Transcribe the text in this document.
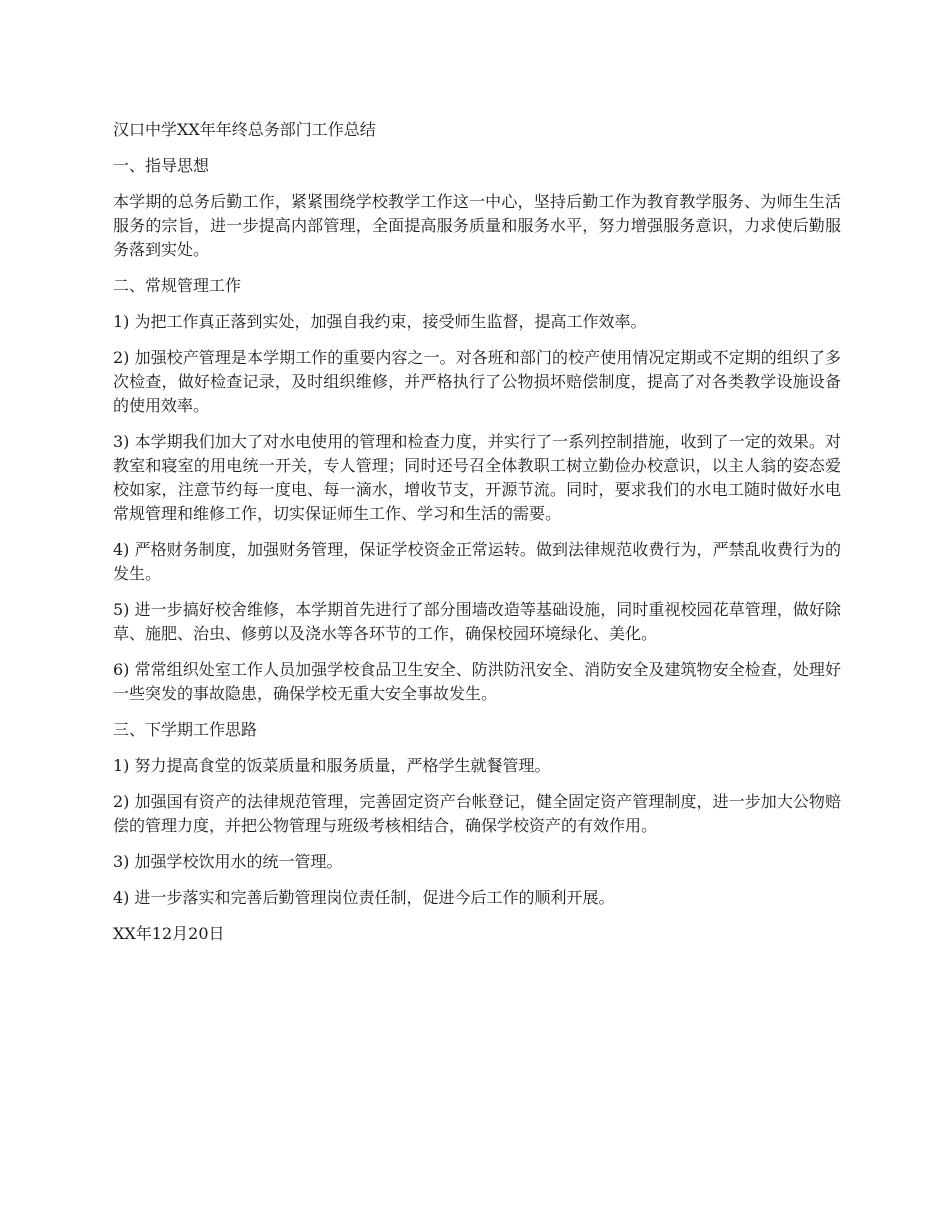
汉口中学XX年年终总务部门工作总结

一、指导思想

本学期的总务后勤工作，紧紧围绕学校教学工作这一中心，坚持后勤工作为教育教学服务、为师生生活服务的宗旨，进一步提高内部管理，全面提高服务质量和服务水平，努力增强服务意识，力求使后勤服务落到实处。

二、常规管理工作

1) 为把工作真正落到实处，加强自我约束，接受师生监督，提高工作效率。

2) 加强校产管理是本学期工作的重要内容之一。对各班和部门的校产使用情况定期或不定期的组织了多次检查，做好检查记录，及时组织维修，并严格执行了公物损坏赔偿制度，提高了对各类教学设施设备的使用效率。

3) 本学期我们加大了对水电使用的管理和检查力度，并实行了一系列控制措施，收到了一定的效果。对教室和寝室的用电统一开关，专人管理；同时还号召全体教职工树立勤俭办校意识，以主人翁的姿态爱校如家，注意节约每一度电、每一滴水，增收节支，开源节流。同时，要求我们的水电工随时做好水电常规管理和维修工作，切实保证师生工作、学习和生活的需要。

4) 严格财务制度，加强财务管理，保证学校资金正常运转。做到法律规范收费行为，严禁乱收费行为的发生。

5) 进一步搞好校舍维修，本学期首先进行了部分围墙改造等基础设施，同时重视校园花草管理，做好除草、施肥、治虫、修剪以及浇水等各环节的工作，确保校园环境绿化、美化。

6) 常常组织处室工作人员加强学校食品卫生安全、防洪防汛安全、消防安全及建筑物安全检查，处理好一些突发的事故隐患，确保学校无重大安全事故发生。

三、下学期工作思路

1) 努力提高食堂的饭菜质量和服务质量，严格学生就餐管理。

2) 加强国有资产的法律规范管理，完善固定资产台帐登记，健全固定资产管理制度，进一步加大公物赔偿的管理力度，并把公物管理与班级考核相结合，确保学校资产的有效作用。

3) 加强学校饮用水的统一管理。

4) 进一步落实和完善后勤管理岗位责任制，促进今后工作的顺利开展。

XX年12月20日
